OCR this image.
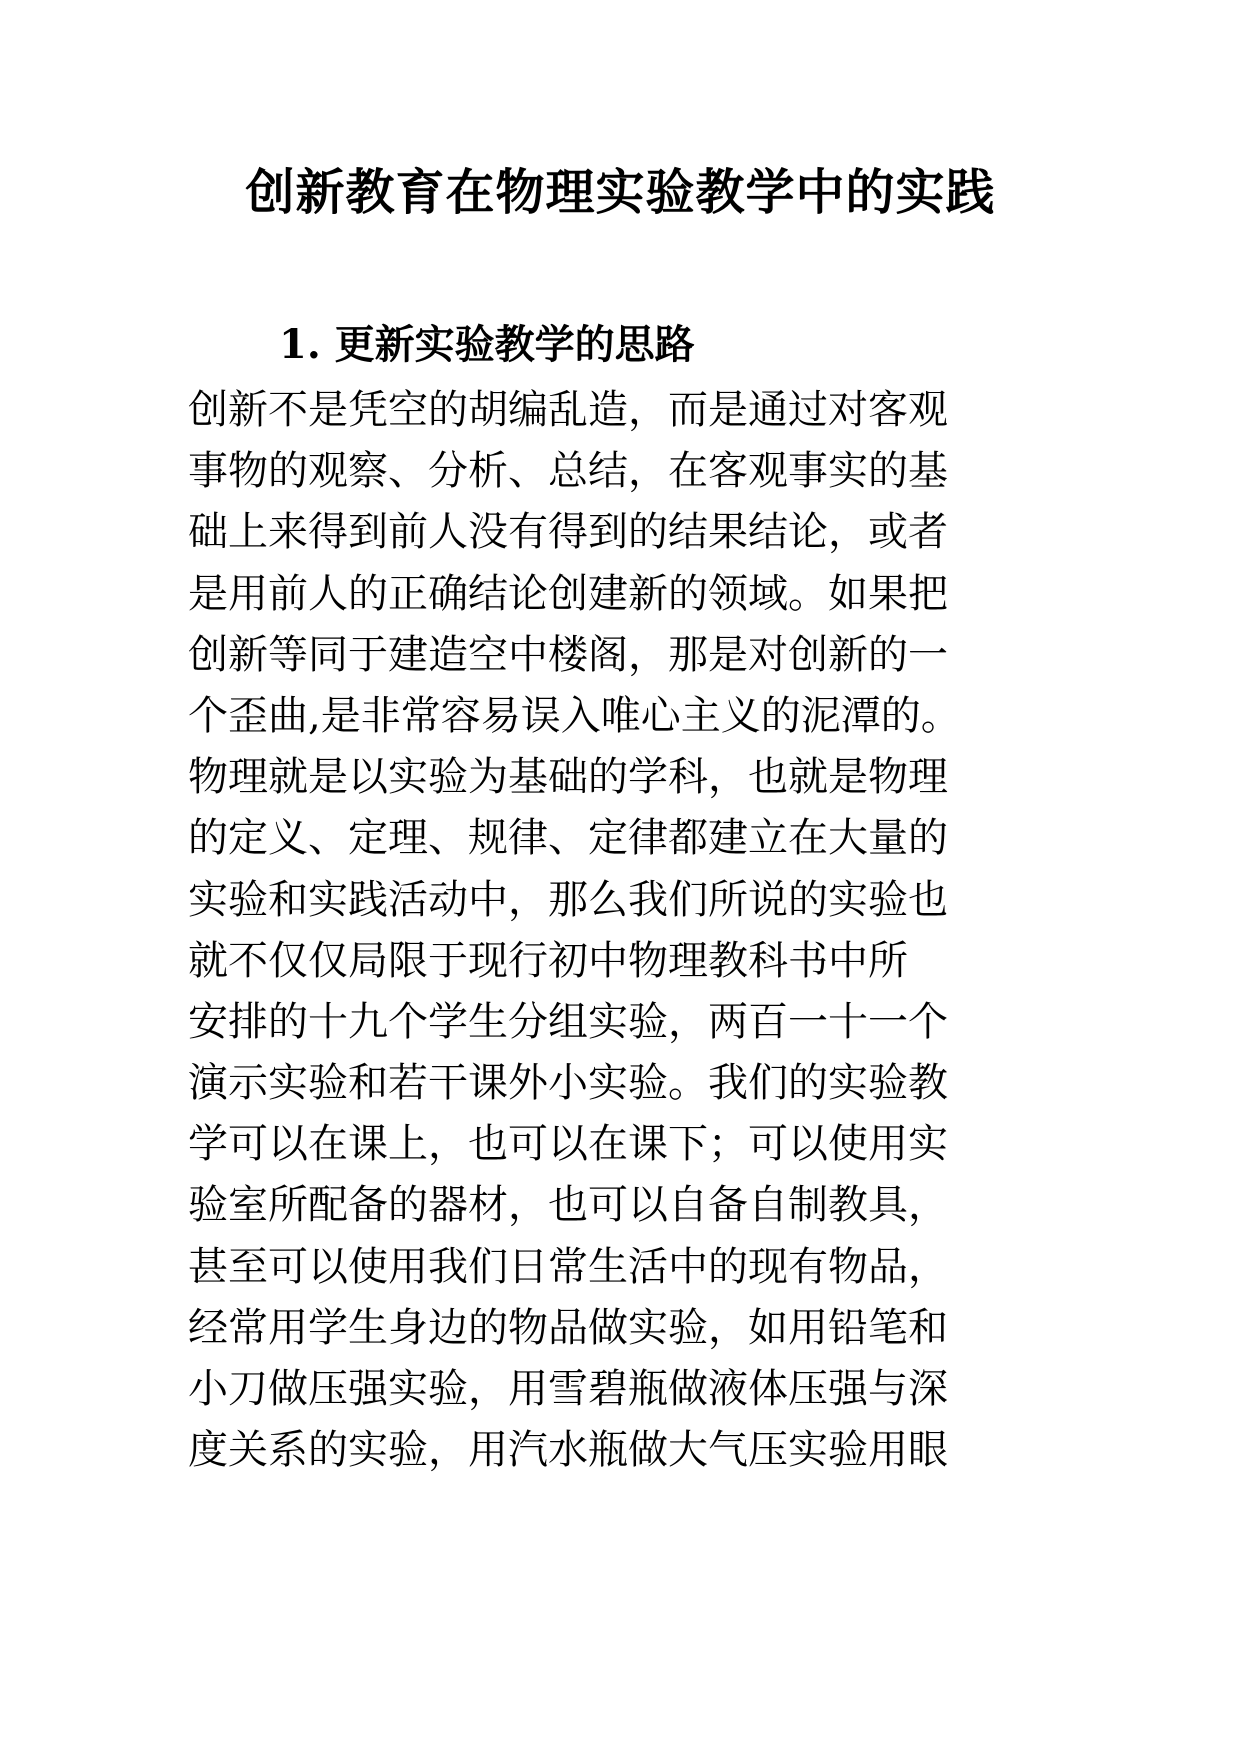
创新教育在物理实验教学中的实践
1. 更新实验教学的思路
创新不是凭空的胡编乱造，而是通过对客观
事物的观察、分析、总结，在客观事实的基
础上来得到前人没有得到的结果结论，或者
是用前人的正确结论创建新的领域。如果把
创新等同于建造空中楼阁，那是对创新的一
个歪曲,是非常容易误入唯心主义的泥潭的。
物理就是以实验为基础的学科，也就是物理
的定义、定理、规律、定律都建立在大量的
实验和实践活动中，那么我们所说的实验也
就不仅仅局限于现行初中物理教科书中所
安排的十九个学生分组实验，两百一十一个
演示实验和若干课外小实验。我们的实验教
学可以在课上，也可以在课下；可以使用实
验室所配备的器材，也可以自备自制教具，
甚至可以使用我们日常生活中的现有物品，
经常用学生身边的物品做实验，如用铅笔和
小刀做压强实验，用雪碧瓶做液体压强与深
度关系的实验，用汽水瓶做大气压实验用眼
